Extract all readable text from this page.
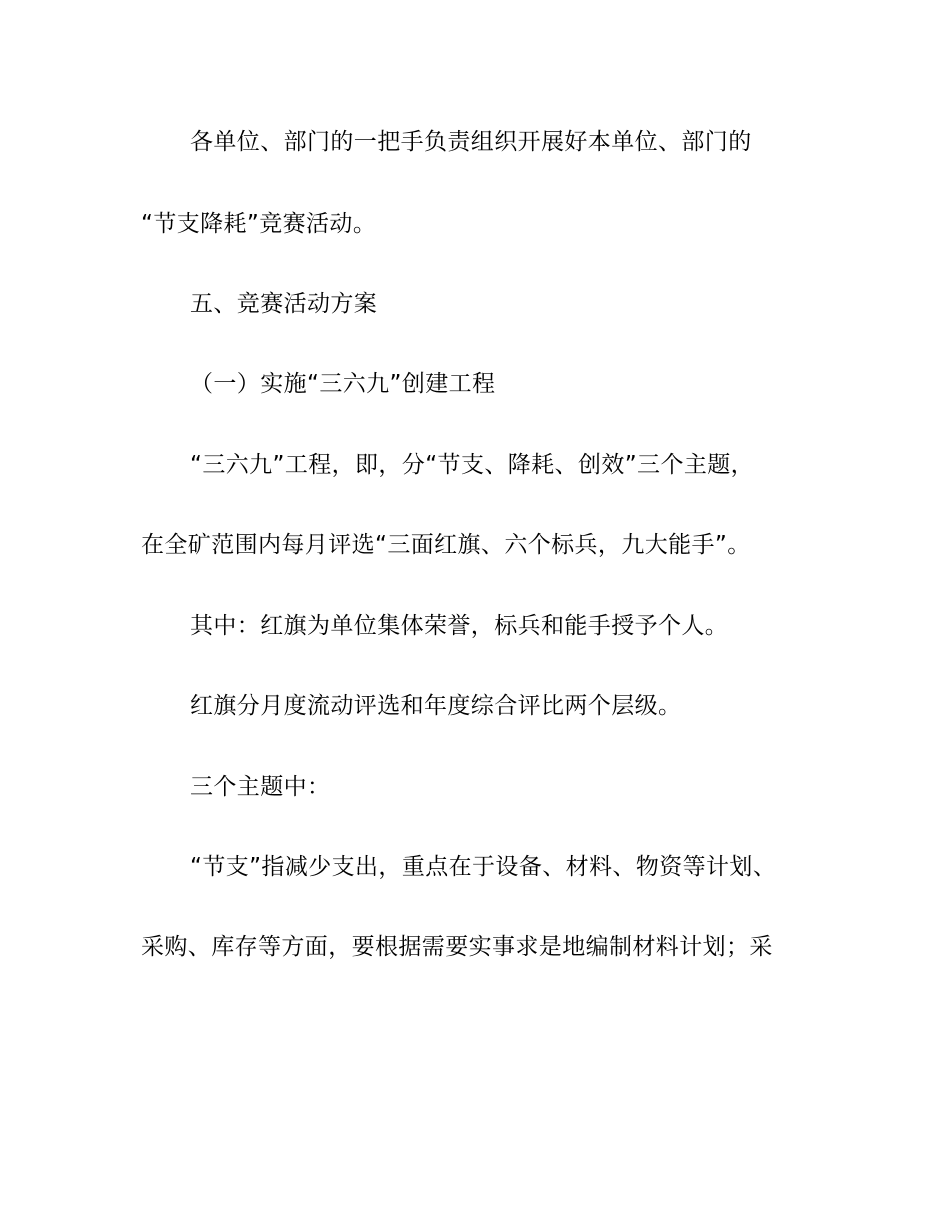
各单位、部门的一把手负责组织开展好本单位、部门的
“节支降耗”竞赛活动。
五、竞赛活动方案
（一）实施“三六九”创建工程
“三六九”工程，即，分“节支、降耗、创效”三个主题，
在全矿范围内每月评选“三面红旗、六个标兵，九大能手”。
其中：红旗为单位集体荣誉，标兵和能手授予个人。
红旗分月度流动评选和年度综合评比两个层级。
三个主题中：
“节支”指减少支出，重点在于设备、材料、物资等计划、
采购、库存等方面，要根据需要实事求是地编制材料计划；采
